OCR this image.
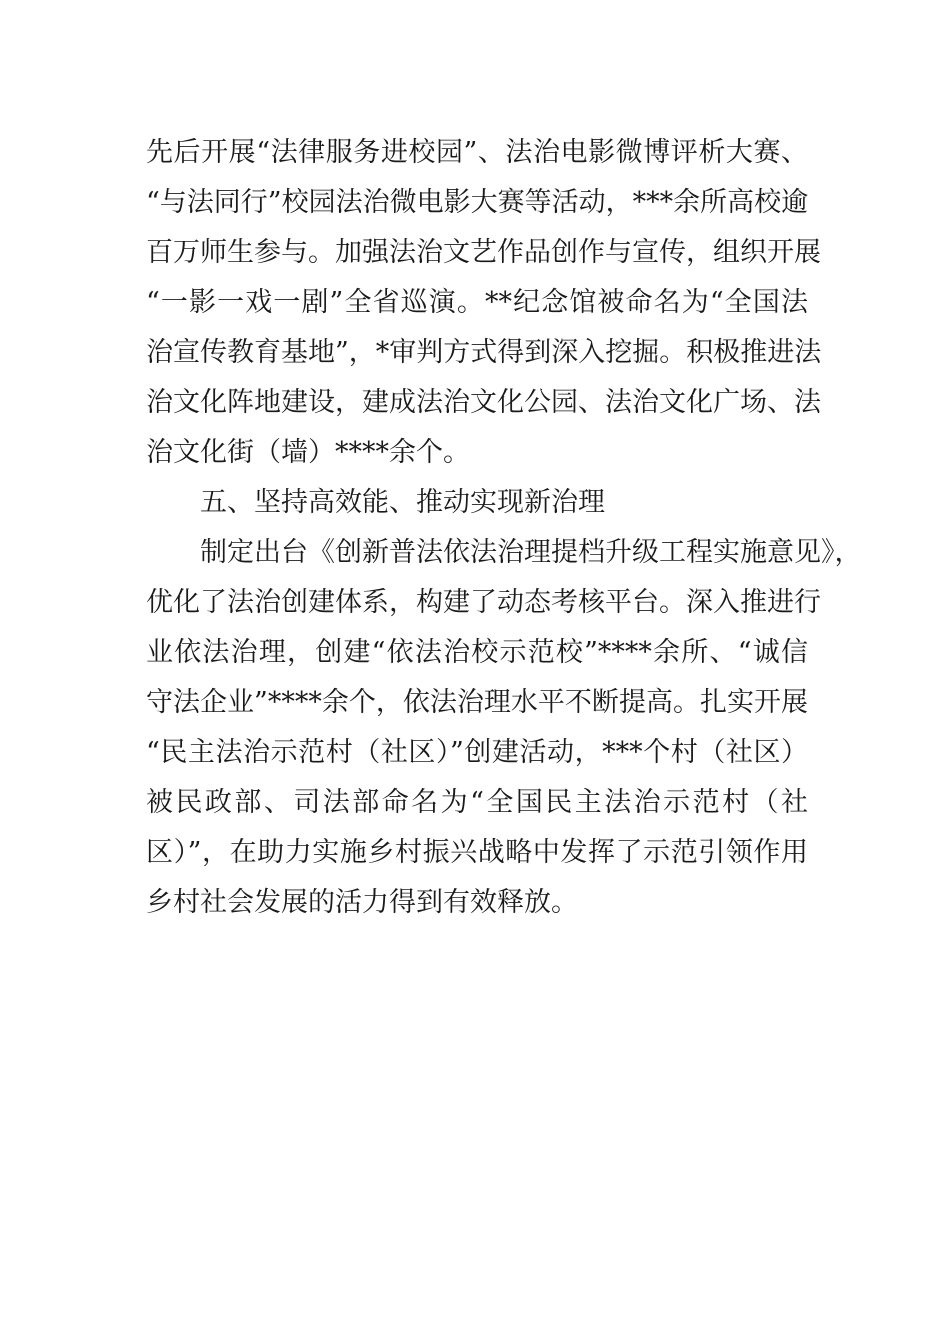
先后开展“法律服务进校园”、法治电影微博评析大赛、
“与法同行”校园法治微电影大赛等活动，***余所高校逾
百万师生参与。加强法治文艺作品创作与宣传，组织开展
“一影一戏一剧”全省巡演。**纪念馆被命名为“全国法
治宣传教育基地”，*审判方式得到深入挖掘。积极推进法
治文化阵地建设，建成法治文化公园、法治文化广场、法
治文化街（墙）****余个。
五、坚持高效能、推动实现新治理
制定出台《创新普法依法治理提档升级工程实施意见》，
优化了法治创建体系，构建了动态考核平台。深入推进行
业依法治理，创建“依法治校示范校”****余所、“诚信
守法企业”****余个，依法治理水平不断提高。扎实开展
“民主法治示范村（社区）”创建活动，***个村（社区）
被民政部、司法部命名为“全国民主法治示范村（社
区）”，在助力实施乡村振兴战略中发挥了示范引领作用
乡村社会发展的活力得到有效释放。
